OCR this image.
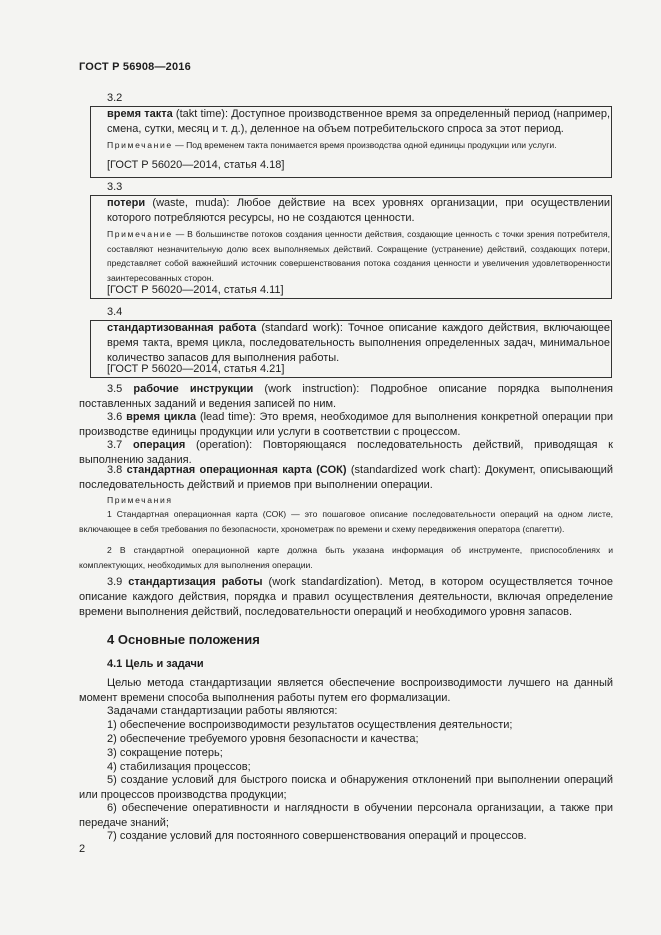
ГОСТ Р 56908—2016
3.2
время такта (takt time): Доступное производственное время за определенный период (например, смена, сутки, месяц и т. д.), деленное на объем потребительского спроса за этот период.
Примечание — Под временем такта понимается время производства одной единицы продукции или услуги.
[ГОСТ Р 56020—2014, статья 4.18]
3.3
потери (waste, muda): Любое действие на всех уровнях организации, при осуществлении которого потребляются ресурсы, но не создаются ценности.
Примечание — В большинстве потоков создания ценности действия, создающие ценность с точки зрения потребителя, составляют незначительную долю всех выполняемых действий. Сокращение (устранение) действий, создающих потери, представляет собой важнейший источник совершенствования потока создания ценности и увеличения удовлетворенности заинтересованных сторон.
[ГОСТ Р 56020—2014, статья 4.11]
3.4
стандартизованная работа (standard work): Точное описание каждого действия, включающее время такта, время цикла, последовательность выполнения определенных задач, минимальное количество запасов для выполнения работы.
[ГОСТ Р 56020—2014, статья 4.21]
3.5 рабочие инструкции (work instruction): Подробное описание порядка выполнения поставленных заданий и ведения записей по ним.
3.6 время цикла (lead time): Это время, необходимое для выполнения конкретной операции при производстве единицы продукции или услуги в соответствии с процессом.
3.7 операция (operation): Повторяющаяся последовательность действий, приводящая к выполнению задания.
3.8 стандартная операционная карта (СОК) (standardized work chart): Документ, описывающий последовательность действий и приемов при выполнении операции.
Примечания
1 Стандартная операционная карта (СОК) — это пошаговое описание последовательности операций на одном листе, включающее в себя требования по безопасности, хронометраж по времени и схему передвижения оператора (спагетти).
2 В стандартной операционной карте должна быть указана информация об инструменте, приспособлениях и комплектующих, необходимых для выполнения операции.
3.9 стандартизация работы (work standardization). Метод, в котором осуществляется точное описание каждого действия, порядка и правил осуществления деятельности, включая определение времени выполнения действий, последовательности операций и необходимого уровня запасов.
4 Основные положения
4.1 Цель и задачи
Целью метода стандартизации является обеспечение воспроизводимости лучшего на данный момент времени способа выполнения работы путем его формализации.
Задачами стандартизации работы являются:
1) обеспечение воспроизводимости результатов осуществления деятельности;
2) обеспечение требуемого уровня безопасности и качества;
3) сокращение потерь;
4) стабилизация процессов;
5) создание условий для быстрого поиска и обнаружения отклонений при выполнении операций или процессов производства продукции;
6) обеспечение оперативности и наглядности в обучении персонала организации, а также при передаче знаний;
7) создание условий для постоянного совершенствования операций и процессов.
2
